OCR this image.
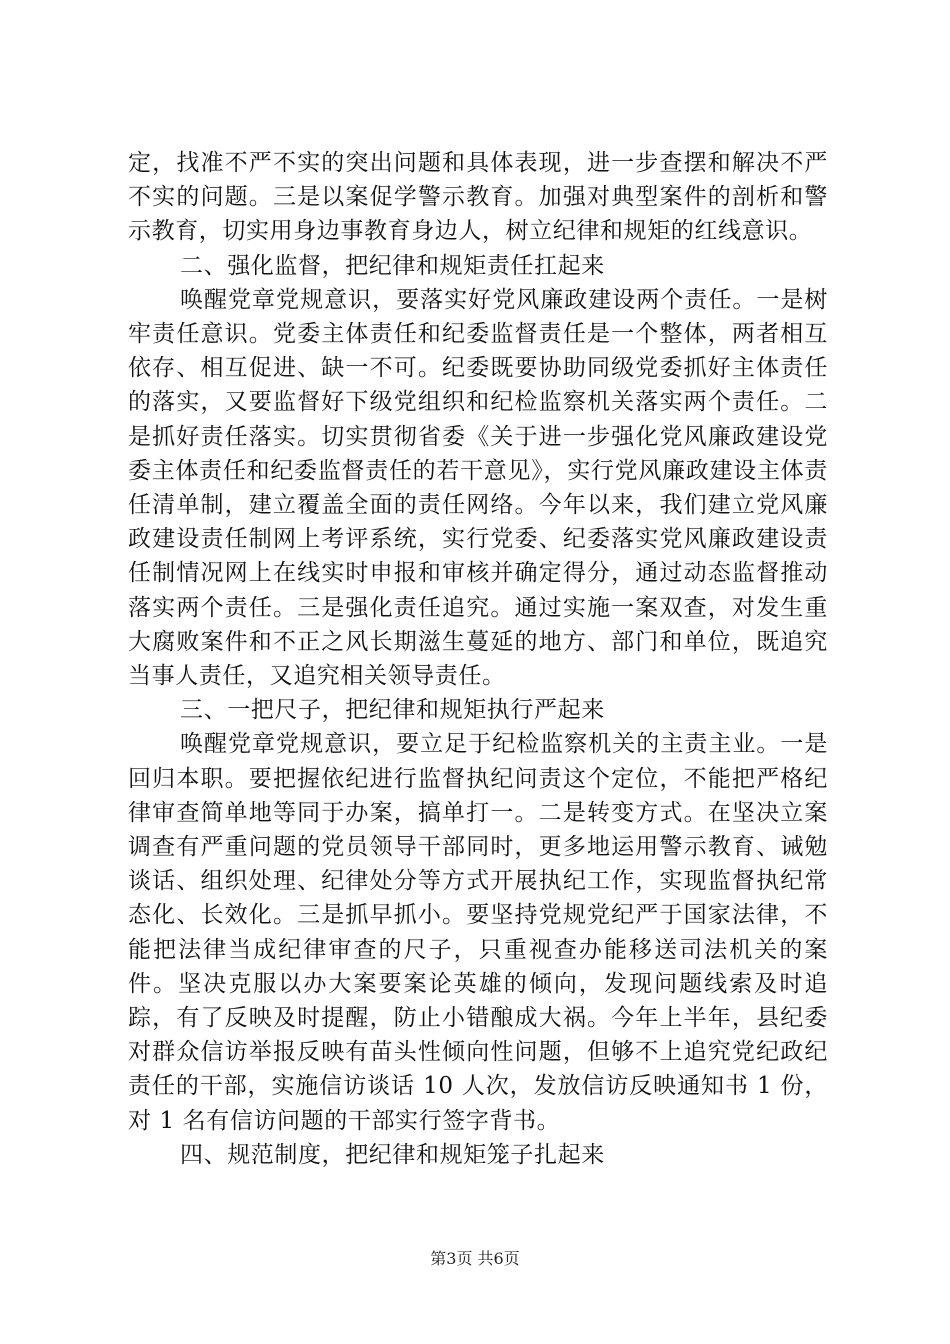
定，找准不严不实的突出问题和具体表现，进一步查摆和解决不严不实的问题。三是以案促学警示教育。加强对典型案件的剖析和警示教育，切实用身边事教育身边人，树立纪律和规矩的红线意识。

二、强化监督，把纪律和规矩责任扛起来

唤醒党章党规意识，要落实好党风廉政建设两个责任。一是树牢责任意识。党委主体责任和纪委监督责任是一个整体，两者相互依存、相互促进、缺一不可。纪委既要协助同级党委抓好主体责任的落实，又要监督好下级党组织和纪检监察机关落实两个责任。二是抓好责任落实。切实贯彻省委《关于进一步强化党风廉政建设党委主体责任和纪委监督责任的若干意见》，实行党风廉政建设主体责任清单制，建立覆盖全面的责任网络。今年以来，我们建立党风廉政建设责任制网上考评系统，实行党委、纪委落实党风廉政建设责任制情况网上在线实时申报和审核并确定得分，通过动态监督推动落实两个责任。三是强化责任追究。通过实施一案双查，对发生重大腐败案件和不正之风长期滋生蔓延的地方、部门和单位，既追究当事人责任，又追究相关领导责任。

三、一把尺子，把纪律和规矩执行严起来

唤醒党章党规意识，要立足于纪检监察机关的主责主业。一是回归本职。要把握依纪进行监督执纪问责这个定位，不能把严格纪律审查简单地等同于办案，搞单打一。二是转变方式。在坚决立案调查有严重问题的党员领导干部同时，更多地运用警示教育、诫勉谈话、组织处理、纪律处分等方式开展执纪工作，实现监督执纪常态化、长效化。三是抓早抓小。要坚持党规党纪严于国家法律，不能把法律当成纪律审查的尺子，只重视查办能移送司法机关的案件。坚决克服以办大案要案论英雄的倾向，发现问题线索及时追踪，有了反映及时提醒，防止小错酿成大祸。今年上半年，县纪委对群众信访举报反映有苗头性倾向性问题，但够不上追究党纪政纪责任的干部，实施信访谈话 10 人次，发放信访反映通知书 1 份，对 1 名有信访问题的干部实行签字背书。

四、规范制度，把纪律和规矩笼子扎起来

第3页 共6页
